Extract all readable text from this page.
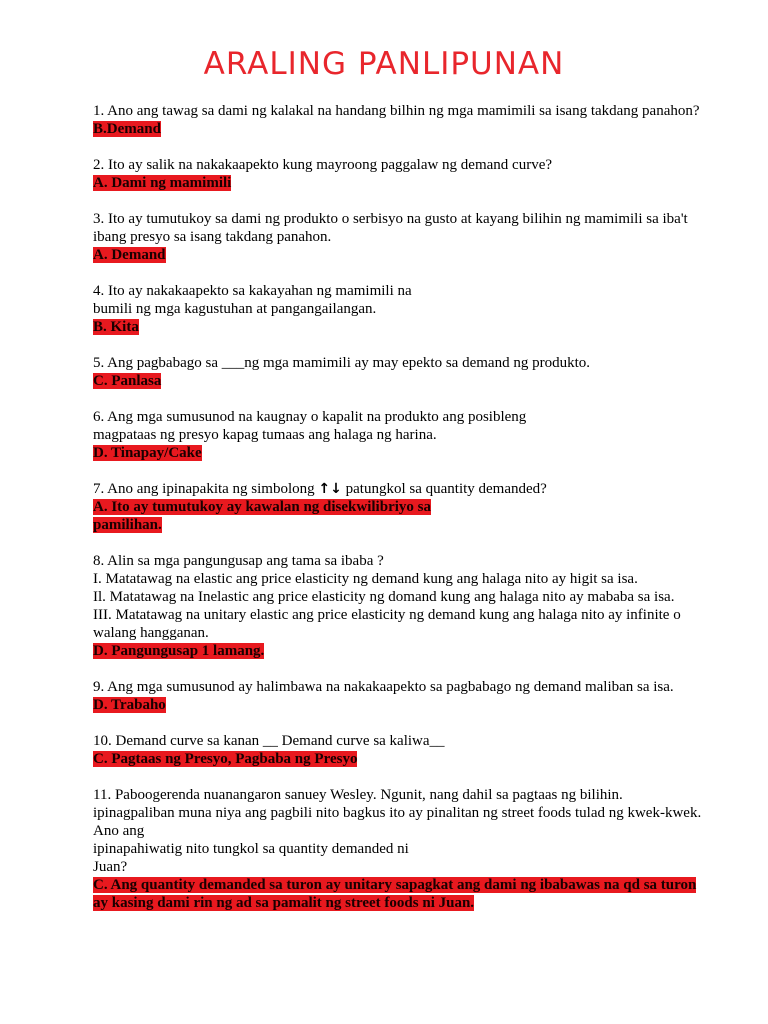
ARALING PANLIPUNAN
1. Ano ang tawag sa dami ng kalakal na handang bilhin ng mga mamimili sa isang takdang panahon?
B.Demand
2. Ito ay salik na nakakaapekto kung mayroong paggalaw ng demand curve?
A. Dami ng mamimili
3. Ito ay tumutukoy sa dami ng produkto o serbisyo na gusto at kayang bilihin ng mamimili sa iba't
ibang presyo sa isang takdang panahon.
A. Demand
4. Ito ay nakakaapekto sa kakayahan ng mamimili na
bumili ng mga kagustuhan at pangangailangan.
B. Kita
5. Ang pagbabago sa ___ng mga mamimili ay may epekto sa demand ng produkto.
C. Panlasa
6. Ang mga sumusunod na kaugnay o kapalit na produkto ang posibleng
magpataas ng presyo kapag tumaas ang halaga ng harina.
D. Tinapay/Cake
7. Ano ang ipinapakita ng simbolong ↑↓ patungkol sa quantity demanded?
A. Ito ay tumutukoy ay kawalan ng disekwilibriyo sa
pamilihan.
8. Alin sa mga pangungusap ang tama sa ibaba ?
I. Matatawag na elastic ang price elasticity ng demand kung ang halaga nito ay higit sa isa.
Il. Matatawag na Inelastic ang price elasticity ng domand kung ang halaga nito ay mababa sa isa.
III. Matatawag na unitary elastic ang price elasticity ng demand kung ang halaga nito ay infinite o
walang hangganan.
D. Pangungusap 1 lamang.
9. Ang mga sumusunod ay halimbawa na nakakaapekto sa pagbabago ng demand maliban sa isa.
D. Trabaho
10. Demand curve sa kanan __ Demand curve sa kaliwa__
C. Pagtaas ng Presyo, Pagbaba ng Presyo
11. Paboogerenda nuanangaron sanuey Wesley. Ngunit, nang dahil sa pagtaas ng bilihin.
ipinagpaliban muna niya ang pagbili nito bagkus ito ay pinalitan ng street foods tulad ng kwek-kwek.
Ano ang
ipinapahiwatig nito tungkol sa quantity demanded ni
Juan?
C. Ang quantity demanded sa turon ay unitary sapagkat ang dami ng ibabawas na qd sa turon
ay kasing dami rin ng ad sa pamalit ng street foods ni Juan.
